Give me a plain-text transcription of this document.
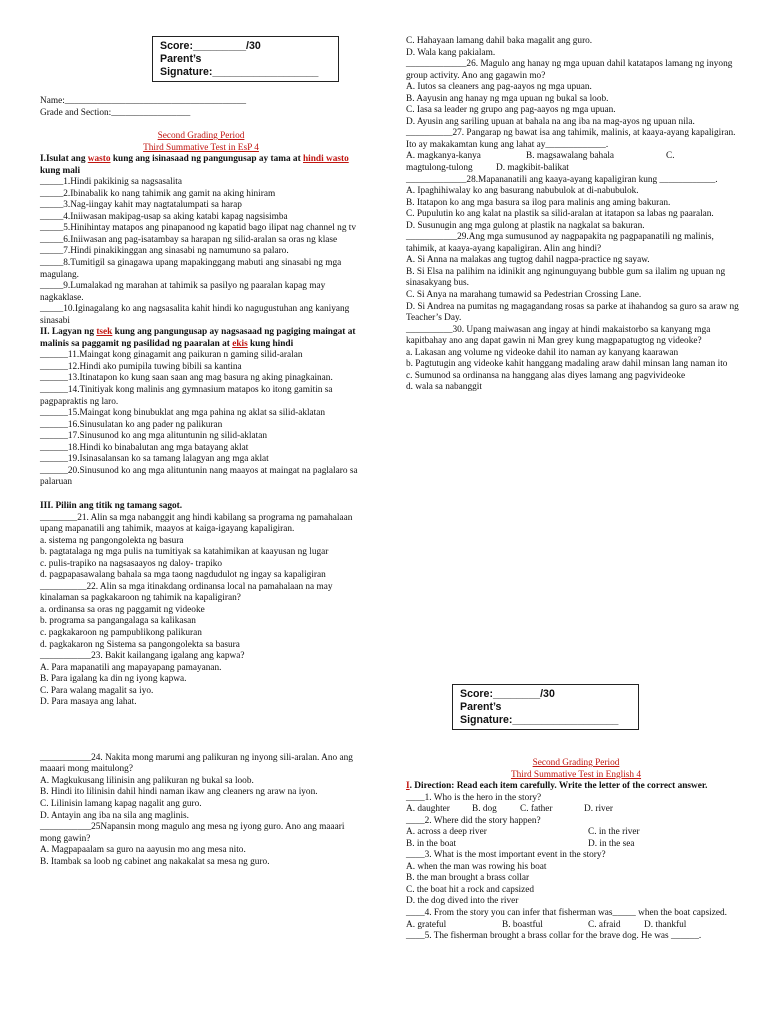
Score:_________/30
Parent’s
Signature:__________________

Name:_______________________________________

Grade and Section:_________________

Second Grading Period

Third Summative Test in EsP 4

I.Isulat ang wasto kung ang isinasaad ng pangungusap ay tama at hindi wasto kung mali

_____1.Hindi pakikinig sa nagsasalita

_____2.Ibinabalik ko nang tahimik ang gamit na aking hiniram

_____3.Nag-iingay kahit may nagtatalumpati sa harap

_____4.Iniiwasan makipag-usap sa aking katabi kapag nagsisimba

_____5.Hinihintay matapos ang pinapanood ng kapatid bago ilipat nag channel ng tv

_____6.Iniiwasan ang pag-isatambay sa harapan ng silid-aralan sa oras ng klase

_____7.Hindi pinakikinggan ang sinasabi ng namumuno sa palaro.

_____8.Tumitigil sa ginagawa upang mapakinggang mabuti ang sinasabi ng mga magulang.

_____9.Lumalakad ng marahan at tahimik sa pasilyo ng paaralan kapag may nagkaklase.

_____10.Iginagalang ko ang nagsasalita kahit hindi ko nagugustuhan ang kaniyang sinasabi

II. Lagyan ng tsek kung ang pangungusap ay nagsasaad ng pagiging maingat at malinis sa paggamit ng pasilidad ng paaralan at ekis kung hindi

______11.Maingat kong ginagamit ang paikuran n gaming silid-aralan

______12.Hindi ako pumipila tuwing bibili sa kantina

______13.Itinatapon ko kung saan saan ang mag basura ng aking pinagkainan.

______14.Tinitiyak kong malinis ang gymnasium matapos ko itong gamitin sa pagpapraktis ng laro.

______15.Maingat kong binubuklat ang mga pahina ng aklat sa silid-aklatan

______16.Sinusulatan ko ang pader ng palikuran

______17.Sinusunod ko ang mga alituntunin ng silid-aklatan

______18.Hindi ko binabalutan ang mga batayang aklat

______19.Isinasalansan ko sa tamang lalagyan ang mga aklat

______20.Sinusunod ko ang mga alituntunin nang maayos at maingat na paglalaro sa palaruan

III. Piliin ang titik ng tamang sagot.

________21. Alin sa mga nabanggit ang hindi kabilang sa programa ng pamahalaan upang mapanatili ang tahimik, maayos at kaiga-igayang kapaligiran.

a. sistema ng pangongolekta ng basura

b. pagtatalaga ng mga pulis na tumitiyak sa katahimikan at kaayusan ng lugar

c. pulis-trapiko na nagsasaayos ng daloy- trapiko

d. pagpapasawalang bahala sa mga taong nagdudulot ng ingay sa kapaligiran

__________22. Alin sa mga itinakdang ordinansa local na pamahalaan na may kinalaman sa pagkakaroon ng tahimik na kapaligiran?

a. ordinansa sa oras ng paggamit ng videoke

b. programa sa pangangalaga sa kalikasan

c. pagkakaroon ng pampublikong palikuran

d. pagkakaron ng Sistema sa pangongolekta sa basura

___________23. Bakit kailangang igalang ang kapwa?

A. Para mapanatili ang mapayapang pamayanan.

B. Para igalang ka din ng iyong kapwa.

C. Para walang magalit sa iyo.

D. Para masaya ang lahat.

___________24. Nakita mong marumi ang palikuran ng inyong sili-aralan. Ano ang maaari mong maitulong?

A. Magkukusang lilinisin ang palikuran ng bukal sa loob.

B. Hindi ito lilinisin dahil hindi naman ikaw ang cleaners ng araw na iyon.

C. Lilinisin lamang kapag nagalit ang guro.

D. Antayin ang iba na sila ang maglinis.

___________25Napansin mong magulo ang mesa ng iyong guro. Ano ang maaari mong gawin?

A. Magpapaalam sa guro na aayusin mo ang mesa nito.

B. Itambak sa loob ng cabinet ang nakakalat sa mesa ng guro.

C. Hahayaan lamang dahil baka magalit ang guro.

D. Wala kang pakialam.

_____________26. Magulo ang hanay ng mga upuan dahil katatapos lamang ng inyong group activity. Ano ang gagawin mo?

A. Iutos sa cleaners ang pag-aayos ng mga upuan.

B. Aayusin ang hanay ng mga upuan ng bukal sa loob.

C. Iasa sa leader ng grupo ang pag-aayos ng mga upuan.

D. Ayusin ang sariling upuan at bahala na ang iba na mag-ayos ng upuan nila.

__________27. Pangarap ng bawat isa ang tahimik, malinis, at kaaya-ayang kapaligiran. Ito ay makakamtan kung ang lahat ay_____________.

A. magkanya-kanya	B. magsawalang bahala	C.
magtulong-tulong	D. magkibit-balikat

_____________28.Mapananatili ang kaaya-ayang kapaligiran kung ____________.

A. Ipaghihiwalay ko ang basurang nabubulok at di-nabubulok.

B. Itatapon ko ang mga basura sa ilog para malinis ang aming bakuran.

C. Pupulutin ko ang kalat na plastik sa silid-aralan at itatapon sa labas ng paaralan.

D. Susunugin ang mga gulong at plastik na nagkalat sa bakuran.

___________29.Ang mga sumusunod ay nagpapakita ng pagpapanatili ng malinis, tahimik, at kaaya-ayang kapaligiran. Alin ang hindi?

A. Si Anna na malakas ang tugtog dahil nagpa-practice ng sayaw.

B. Si Elsa na palihim na idinikit ang nginunguyang bubble gum sa ilalim ng upuan ng sinasakyang bus.

C. Si Anya na marahang tumawid sa Pedestrian Crossing Lane.

D. Si Andrea na pumitas ng magagandang rosas sa parke at ihahandog sa guro sa araw ng Teacher’s Day.

__________30. Upang maiwasan ang ingay at hindi makaistorbo sa kanyang mga kapitbahay ano ang dapat gawin ni Man grey kung magpapatugtog ng videoke?

a. Lakasan ang volume ng videoke dahil ito naman ay kanyang kaarawan

b. Pagtutugin ang videoke kahit hanggang madaling araw dahil minsan lang naman ito

c. Sumunod sa ordinansa na hanggang alas diyes lamang ang pagvivideoke

d. wala sa nabanggit

Score:________/30
Parent’s
Signature:__________________

Second Grading Period

Third Summative Test in English 4

I. Direction: Read each item carefully. Write the letter of the correct answer.

____1. Who is the hero in the story?

A. daughter	B. dog	C. father	D. river

____2. Where did the story happen?

A. across a deep river	C. in the river
B. in the boat	D. in the sea

____3. What is the most important event in the story?

A. when the man was rowing his boat

B. the man brought a brass collar

C. the boat hit a rock and capsized

D. the dog dived into the river

____4. From the story you can infer that fisherman was_____ when the boat capsized.

A. grateful	B. boastful	C. afraid	D. thankful

____5. The fisherman brought a brass collar for the brave dog. He was ______.
